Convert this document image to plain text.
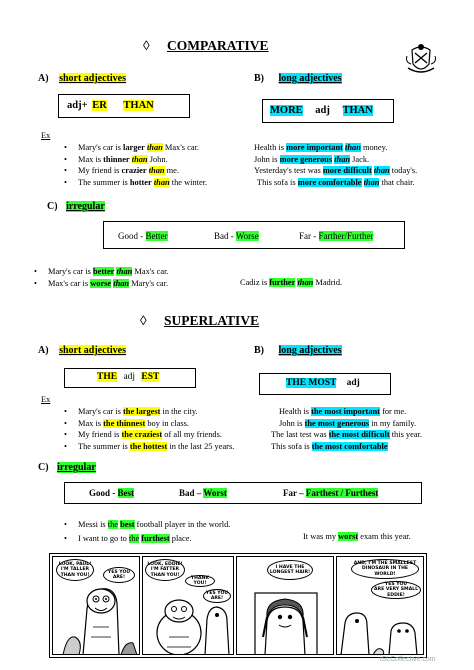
◊ COMPARATIVE
A) short adjectives	B) long adjectives
adj+ ER THAN	MORE adj THAN
Ex
• Mary's car is larger than Max's car.
• Max is thinner than John.
• My friend is crazier than me.
• The summer is hotter than the winter.
Health is more important than money.
John is more generous than Jack.
Yesterday's test was more difficult than today's.
This sofa is more comfortable than that chair.
C) irregular
Good - Better	Bad - Worse	Far - Farther/Further
• Mary's car is better than Max's car.
• Max's car is worse than Mary's car.	Cadiz is further than Madrid.
◊ SUPERLATIVE
A) short adjectives	B) long adjectives
THE adj EST
THE MOST adj
Ex
• Mary's car is the largest in the city.
• Max is the thinnest boy in class.
• My friend is the craziest of all my friends.
• The summer is the hottest in the last 25 years.
Health is the most important for me.
John is the most generous in my family.
The last test was the most difficult this year.
This sofa is the most comfortable
C) irregular
Good - Best	Bad – Worst	Far – Farthest / Furthest
• Messi is the best football player in the world.
• I want to go to the furthest place.	It was my worst exam this year.
LOOK, PAUL!
I'M TALLER
THAN YOU!
YES YOU
ARE!
LOOK, EDDIE!
I'M FATTER
THAN YOU!
THANK YOU!
YES YOU
ARE!
I HAVE THE
LONGEST HAIR!
AND, I'M THE SMALLEST
DINOSAUR IN THE WORLD!
YES YOU
ARE VERY SMALL EDDIE!
iSLCollective.com
